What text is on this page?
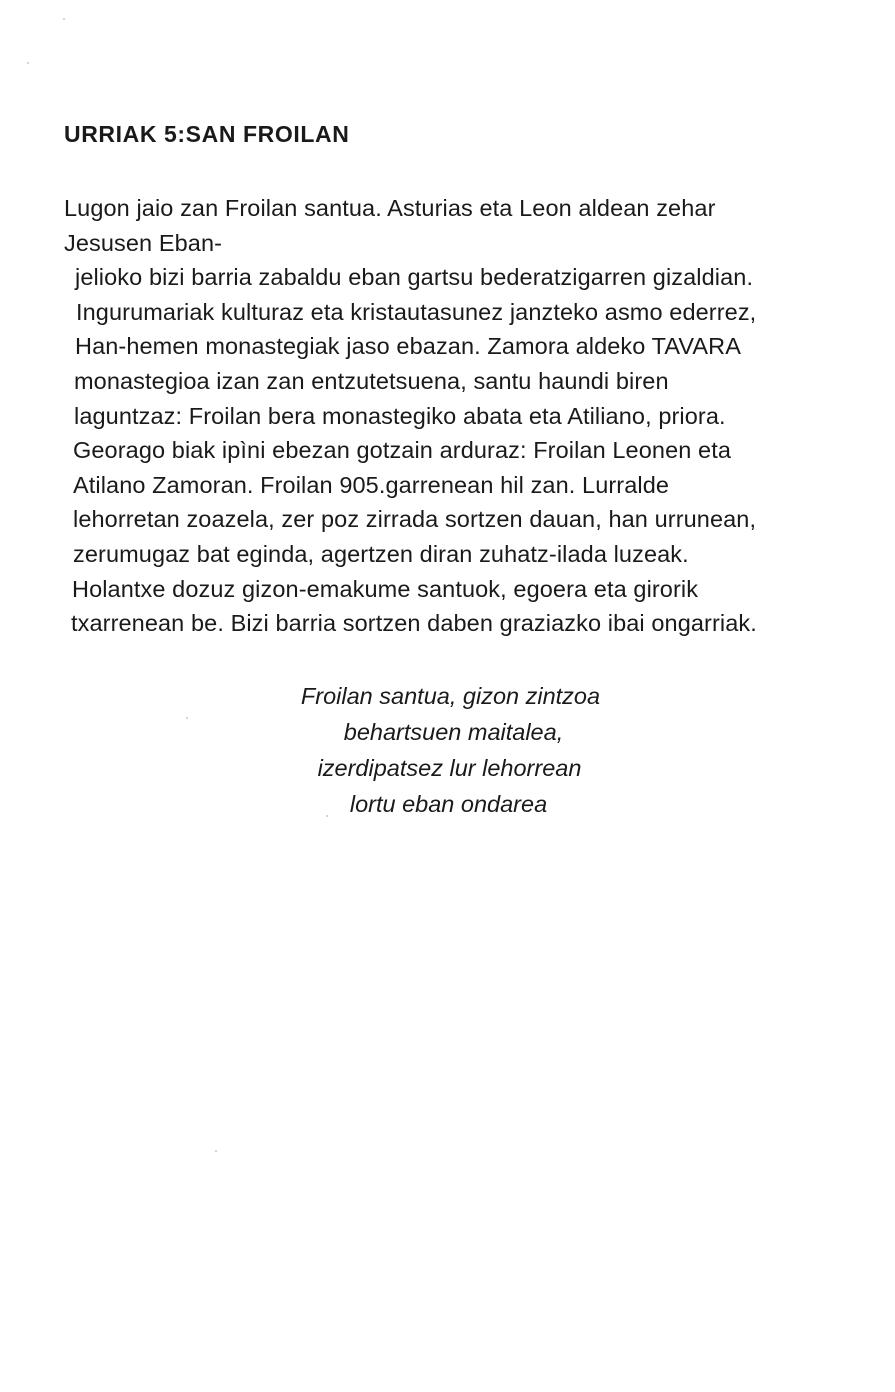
URRIAK 5:SAN FROILAN
Lugon jaio zan Froilan santua. Asturias eta Leon aldean zehar
Jesusen Eban-
jelioko bizi barria zabaldu eban gartsu bederatzigarren gizaldian.
Ingurumariak kulturaz eta kristautasunez janzteko asmo ederrez,
Han-hemen monastegiak jaso ebazan. Zamora aldeko TAVARA
monastegioa izan zan entzutetsuena, santu haundi biren
laguntzaz: Froilan bera monastegiko abata eta Atiliano, priora.
Georago biak ipìni ebezan gotzain arduraz: Froilan Leonen eta
Atilano Zamoran. Froilan 905.garrenean hil zan. Lurralde
lehorretan zoazela, zer poz zirrada sortzen dauan, han urrunean,
zerumugaz bat eginda, agertzen diran zuhatz-ilada luzeak.
Holantxe dozuz gizon-emakume santuok, egoera eta girorik
txarrenean be. Bizi barria sortzen daben graziazko ibai ongarriak.
Froilan santua, gizon zintzoa
behartsuen maitalea,
izerdipatsez lur lehorrean
lortu eban ondarea
